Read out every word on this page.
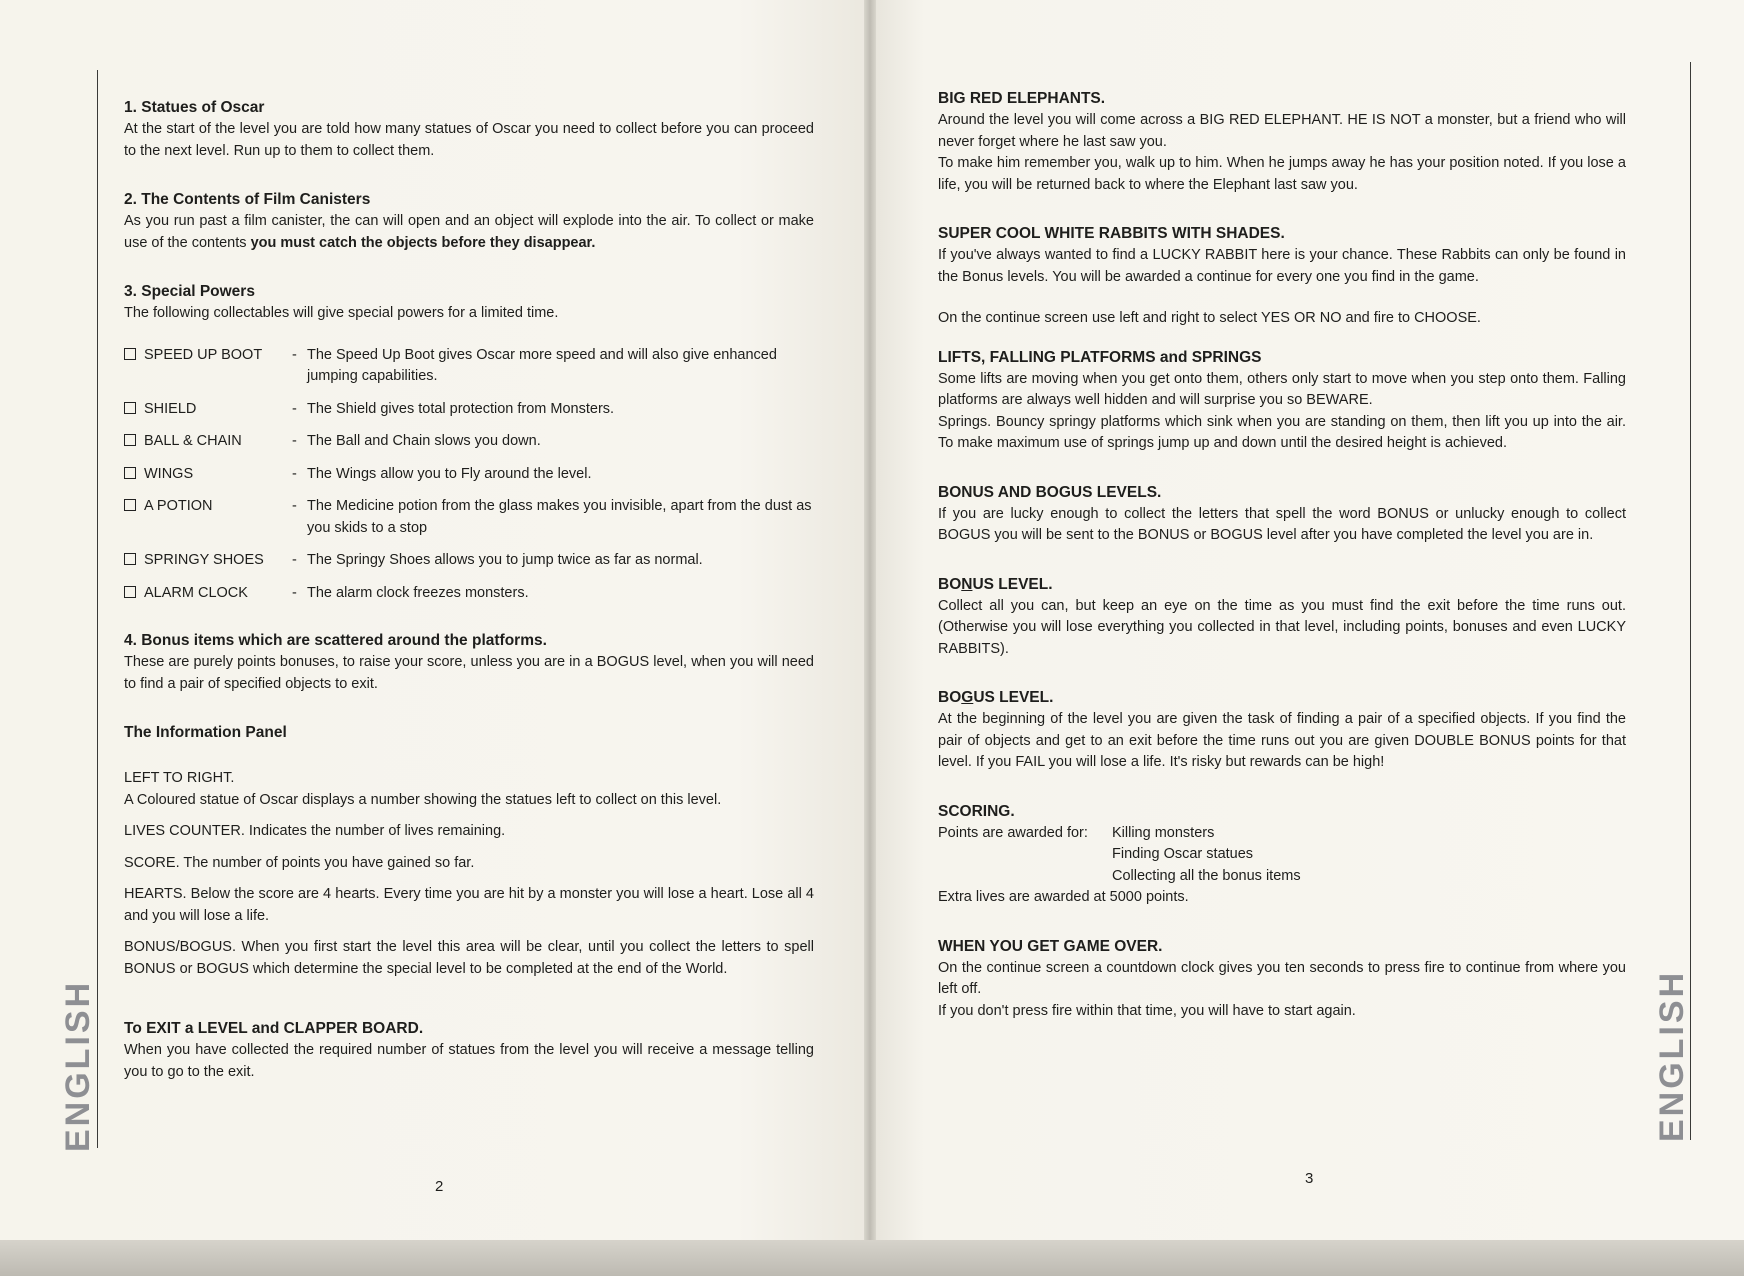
ENGLISH
1. Statues of Oscar

At the start of the level you are told how many statues of Oscar you need to collect before you can proceed to the next level. Run up to them to collect them.

2. The Contents of Film Canisters

As you run past a film canister, the can will open and an object will explode into the air. To collect or make use of the contents you must catch the objects before they disappear.

3. Special Powers

The following collectables will give special powers for a limited time.

SPEED UP BOOT - The Speed Up Boot gives Oscar more speed and will also give enhanced jumping capabilities.
SHIELD	- The Shield gives total protection from Monsters.
BALL & CHAIN	- The Ball and Chain slows you down.
WINGS	- The Wings allow you to Fly around the level.
A POTION	- The Medicine potion from the glass makes you invisible, apart from the dust as you skids to a stop
SPRINGY SHOES - The Springy Shoes allows you to jump twice as far as normal.
ALARM CLOCK	- The alarm clock freezes monsters.
4. Bonus items which are scattered around the platforms.

These are purely points bonuses, to raise your score, unless you are in a BOGUS level, when you will need to find a pair of specified objects to exit.

The Information Panel

LEFT TO RIGHT.

A Coloured statue of Oscar displays a number showing the statues left to collect on this level.

LIVES COUNTER. Indicates the number of lives remaining.

SCORE. The number of points you have gained so far.

HEARTS. Below the score are 4 hearts. Every time you are hit by a monster you will lose a heart. Lose all 4 and you will lose a life.

BONUS/BOGUS. When you first start the level this area will be clear, until you collect the letters to spell BONUS or BOGUS which determine the special level to be completed at the end of the World.

To EXIT a LEVEL and CLAPPER BOARD.

When you have collected the required number of statues from the level you will receive a message telling you to go to the exit.

2
ENGLISH
BIG RED ELEPHANTS.

Around the level you will come across a BIG RED ELEPHANT. HE IS NOT a monster, but a friend who will never forget where he last saw you.

To make him remember you, walk up to him. When he jumps away he has your position noted. If you lose a life, you will be returned back to where the Elephant last saw you.

SUPER COOL WHITE RABBITS WITH SHADES.

If you've always wanted to find a LUCKY RABBIT here is your chance. These Rabbits can only be found in the Bonus levels. You will be awarded a continue for every one you find in the game.

On the continue screen use left and right to select YES OR NO and fire to CHOOSE.

LIFTS, FALLING PLATFORMS and SPRINGS

Some lifts are moving when you get onto them, others only start to move when you step onto them. Falling platforms are always well hidden and will surprise you so BEWARE.

Springs. Bouncy springy platforms which sink when you are standing on them, then lift you up into the air. To make maximum use of springs jump up and down until the desired height is achieved.

BONUS AND BOGUS LEVELS.

If you are lucky enough to collect the letters that spell the word BONUS or unlucky enough to collect BOGUS you will be sent to the BONUS or BOGUS level after you have completed the level you are in.

BONUS LEVEL.

Collect all you can, but keep an eye on the time as you must find the exit before the time runs out. (Otherwise you will lose everything you collected in that level, including points, bonuses and even LUCKY RABBITS).

BOGUS LEVEL.

At the beginning of the level you are given the task of finding a pair of a specified objects. If you find the pair of objects and get to an exit before the time runs out you are given DOUBLE BONUS points for that level. If you FAIL you will lose a life. It's risky but rewards can be high!

SCORING.
Points are awarded for:	Killing monsters
Finding Oscar statues
Collecting all the bonus items

Extra lives are awarded at 5000 points.

WHEN YOU GET GAME OVER.

On the continue screen a countdown clock gives you ten seconds to press fire to continue from where you left off.

If you don't press fire within that time, you will have to start again.

3
